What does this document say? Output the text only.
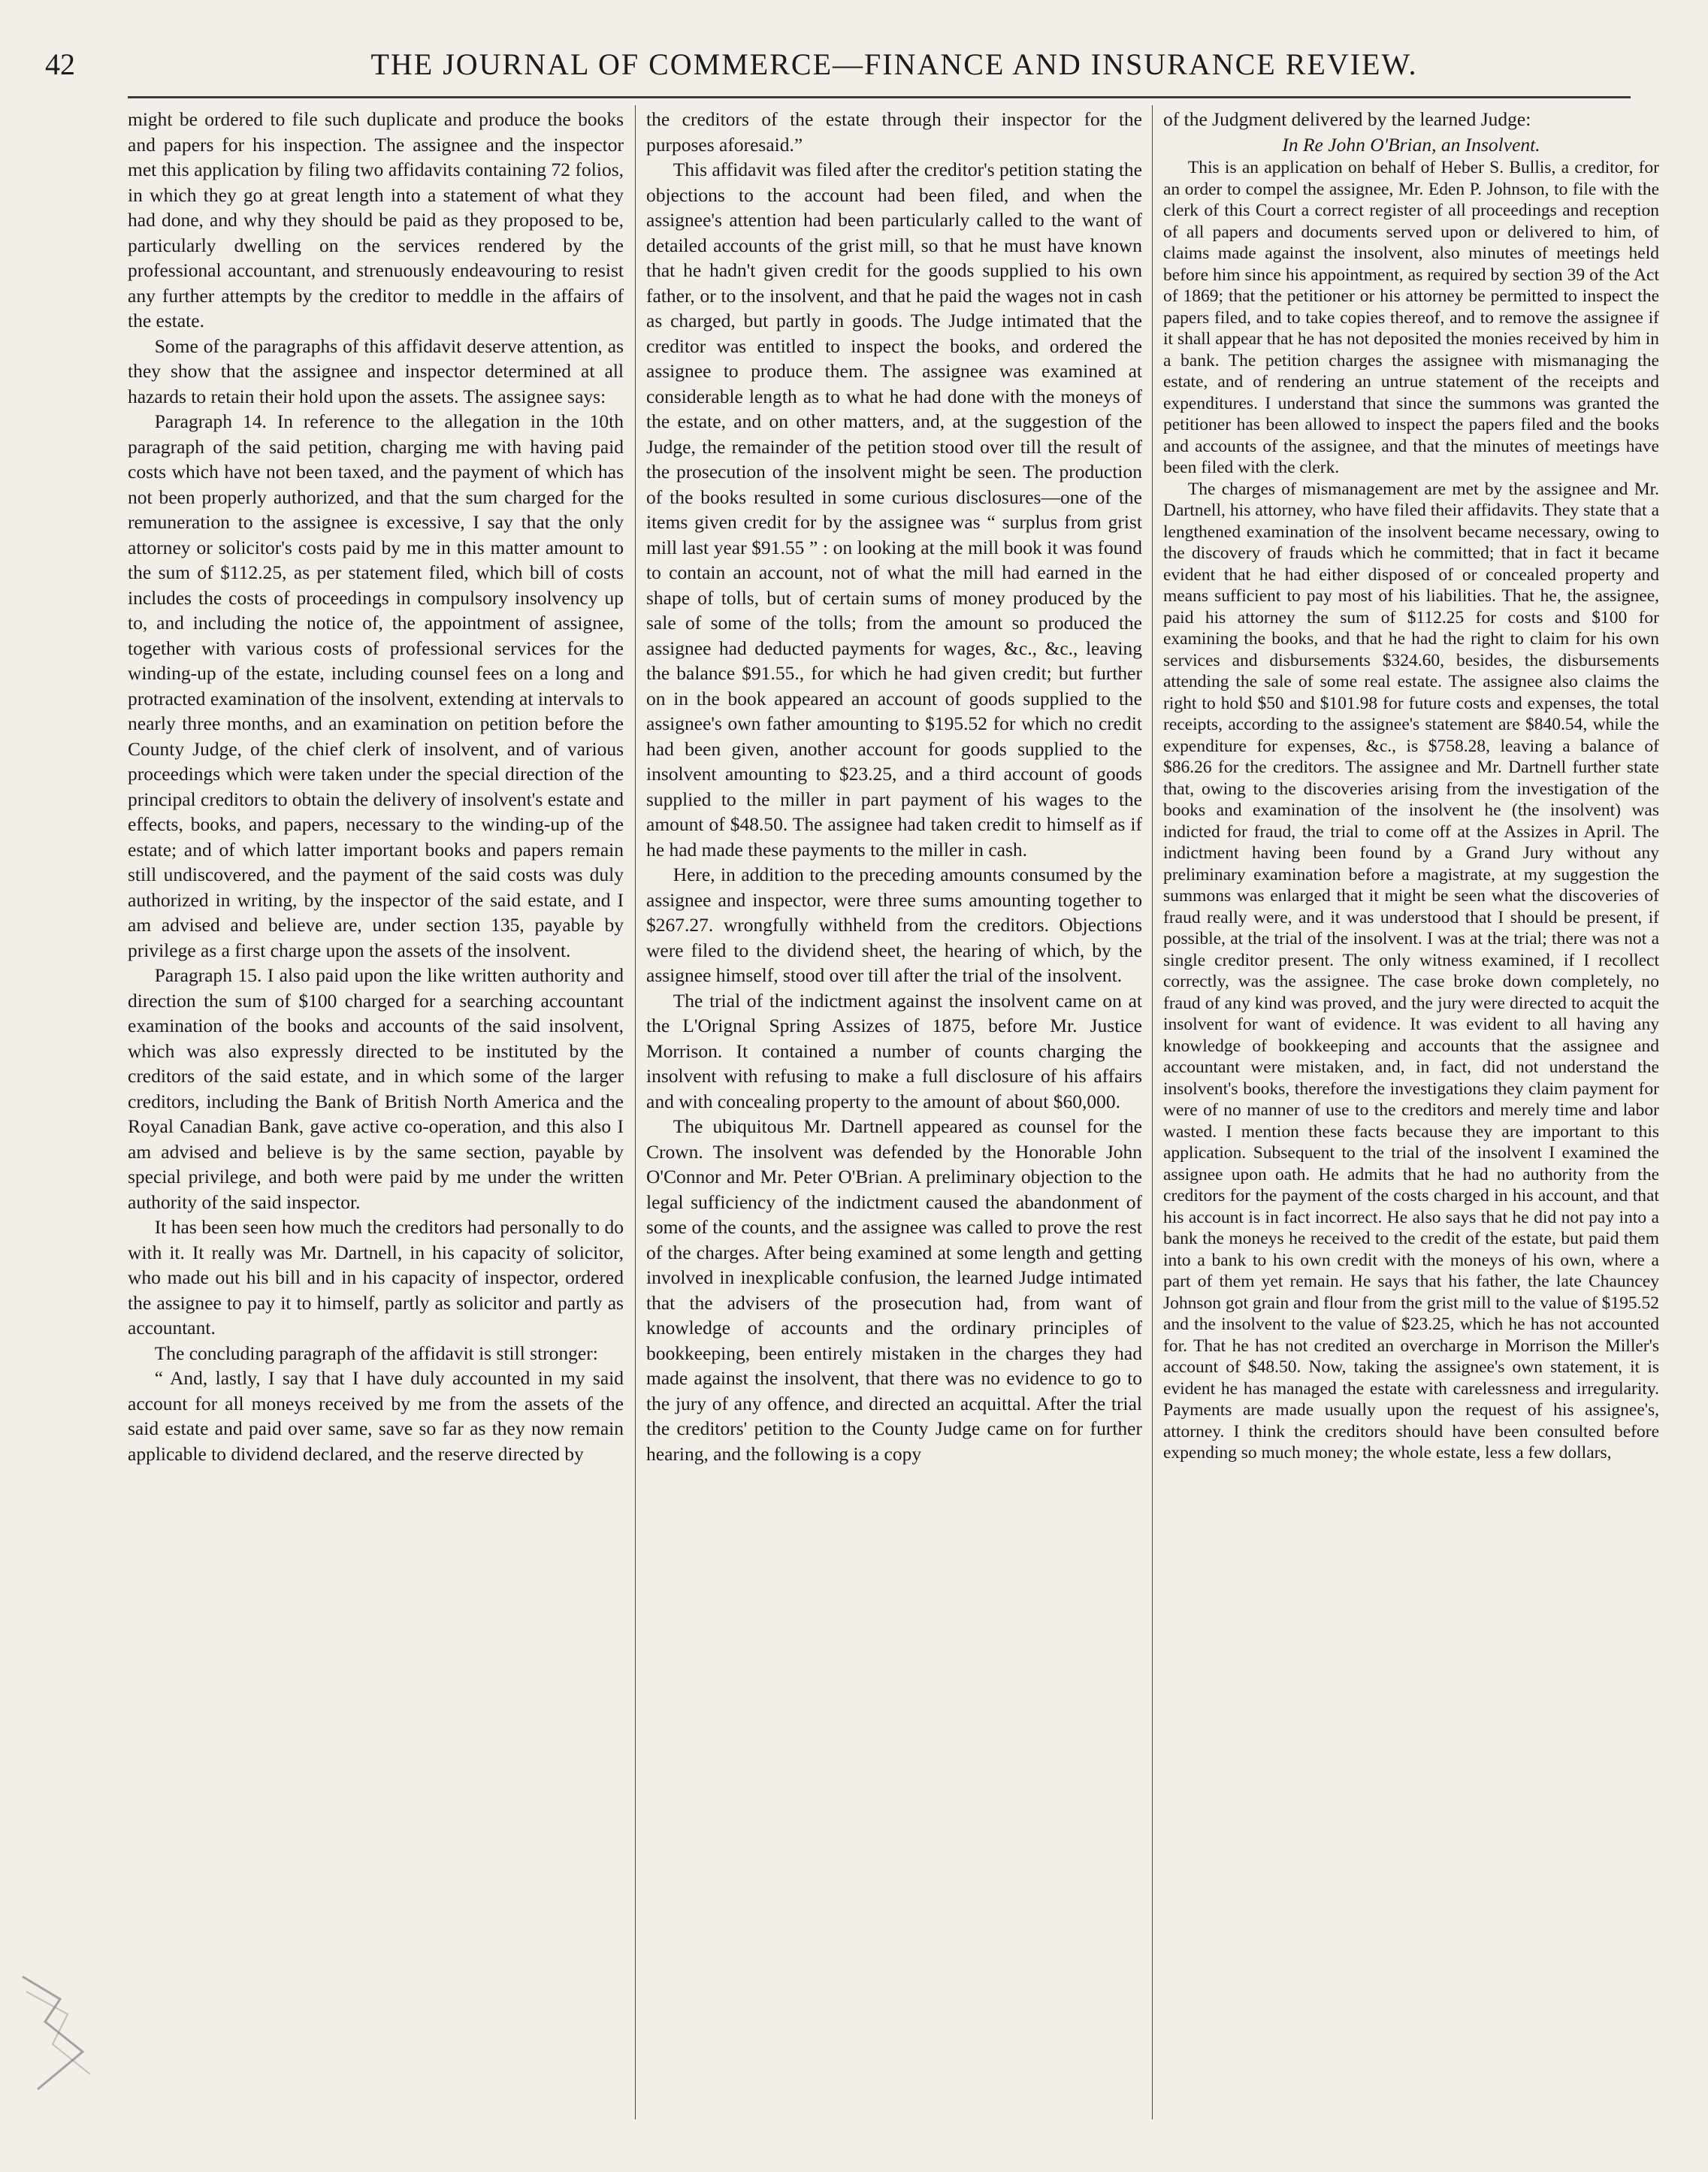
42	THE JOURNAL OF COMMERCE—FINANCE AND INSURANCE REVIEW.

might be ordered to file such duplicate and produce the books and papers for his inspection. The assignee and the inspector met this application by filing two affidavits containing 72 folios, in which they go at great length into a statement of what they had done, and why they should be paid as they proposed to be, particularly dwelling on the services rendered by the professional accountant, and strenuously endeavouring to resist any further attempts by the creditor to meddle in the affairs of the estate.

Some of the paragraphs of this affidavit deserve attention, as they show that the assignee and inspector determined at all hazards to retain their hold upon the assets. The assignee says:

Paragraph 14. In reference to the allegation in the 10th paragraph of the said petition, charging me with having paid costs which have not been taxed, and the payment of which has not been properly authorized, and that the sum charged for the remuneration to the assignee is excessive, I say that the only attorney or solicitor's costs paid by me in this matter amount to the sum of $112.25, as per statement filed, which bill of costs includes the costs of proceedings in compulsory insolvency up to, and including the notice of, the appointment of assignee, together with various costs of professional services for the winding-up of the estate, including counsel fees on a long and protracted examination of the insolvent, extending at intervals to nearly three months, and an examination on petition before the County Judge, of the chief clerk of insolvent, and of various proceedings which were taken under the special direction of the principal creditors to obtain the delivery of insolvent's estate and effects, books, and papers, necessary to the winding-up of the estate; and of which latter important books and papers remain still undiscovered, and the payment of the said costs was duly authorized in writing, by the inspector of the said estate, and I am advised and believe are, under section 135, payable by privilege as a first charge upon the assets of the insolvent.

Paragraph 15. I also paid upon the like written authority and direction the sum of $100 charged for a searching accountant examination of the books and accounts of the said insolvent, which was also expressly directed to be instituted by the creditors of the said estate, and in which some of the larger creditors, including the Bank of British North America and the Royal Canadian Bank, gave active co-operation, and this also I am advised and believe is by the same section, payable by special privilege, and both were paid by me under the written authority of the said inspector.

It has been seen how much the creditors had personally to do with it. It really was Mr. Dartnell, in his capacity of solicitor, who made out his bill and in his capacity of inspector, ordered the assignee to pay it to himself, partly as solicitor and partly as accountant.

The concluding paragraph of the affidavit is still stronger:

“ And, lastly, I say that I have duly accounted in my said account for all moneys received by me from the assets of the said estate and paid over same, save so far as they now remain applicable to dividend declared, and the reserve directed by

the creditors of the estate through their inspector for the purposes aforesaid.”

This affidavit was filed after the creditor's petition stating the objections to the account had been filed, and when the assignee's attention had been particularly called to the want of detailed accounts of the grist mill, so that he must have known that he hadn't given credit for the goods supplied to his own father, or to the insolvent, and that he paid the wages not in cash as charged, but partly in goods. The Judge intimated that the creditor was entitled to inspect the books, and ordered the assignee to produce them. The assignee was examined at considerable length as to what he had done with the moneys of the estate, and on other matters, and, at the suggestion of the Judge, the remainder of the petition stood over till the result of the prosecution of the insolvent might be seen. The production of the books resulted in some curious disclosures—one of the items given credit for by the assignee was “ surplus from grist mill last year $91.55 ” : on looking at the mill book it was found to contain an account, not of what the mill had earned in the shape of tolls, but of certain sums of money produced by the sale of some of the tolls; from the amount so produced the assignee had deducted payments for wages, &c., &c., leaving the balance $91.55., for which he had given credit; but further on in the book appeared an account of goods supplied to the assignee's own father amounting to $195.52 for which no credit had been given, another account for goods supplied to the insolvent amounting to $23.25, and a third account of goods supplied to the miller in part payment of his wages to the amount of $48.50. The assignee had taken credit to himself as if he had made these payments to the miller in cash.

Here, in addition to the preceding amounts consumed by the assignee and inspector, were three sums amounting together to $267.27. wrongfully withheld from the creditors. Objections were filed to the dividend sheet, the hearing of which, by the assignee himself, stood over till after the trial of the insolvent.

The trial of the indictment against the insolvent came on at the L'Orignal Spring Assizes of 1875, before Mr. Justice Morrison. It contained a number of counts charging the insolvent with refusing to make a full disclosure of his affairs and with concealing property to the amount of about $60,000.

The ubiquitous Mr. Dartnell appeared as counsel for the Crown. The insolvent was defended by the Honorable John O'Connor and Mr. Peter O'Brian. A preliminary objection to the legal sufficiency of the indictment caused the abandonment of some of the counts, and the assignee was called to prove the rest of the charges. After being examined at some length and getting involved in inexplicable confusion, the learned Judge intimated that the advisers of the prosecution had, from want of knowledge of accounts and the ordinary principles of bookkeeping, been entirely mistaken in the charges they had made against the insolvent, that there was no evidence to go to the jury of any offence, and directed an acquittal. After the trial the creditors' petition to the County Judge came on for further hearing, and the following is a copy

of the Judgment delivered by the learned Judge:

In Re John O'Brian, an Insolvent.

This is an application on behalf of Heber S. Bullis, a creditor, for an order to compel the assignee, Mr. Eden P. Johnson, to file with the clerk of this Court a correct register of all proceedings and reception of all papers and documents served upon or delivered to him, of claims made against the insolvent, also minutes of meetings held before him since his appointment, as required by section 39 of the Act of 1869; that the petitioner or his attorney be permitted to inspect the papers filed, and to take copies thereof, and to remove the assignee if it shall appear that he has not deposited the monies received by him in a bank. The petition charges the assignee with mismanaging the estate, and of rendering an untrue statement of the receipts and expenditures. I understand that since the summons was granted the petitioner has been allowed to inspect the papers filed and the books and accounts of the assignee, and that the minutes of meetings have been filed with the clerk.

The charges of mismanagement are met by the assignee and Mr. Dartnell, his attorney, who have filed their affidavits. They state that a lengthened examination of the insolvent became necessary, owing to the discovery of frauds which he committed; that in fact it became evident that he had either disposed of or concealed property and means sufficient to pay most of his liabilities. That he, the assignee, paid his attorney the sum of $112.25 for costs and $100 for examining the books, and that he had the right to claim for his own services and disbursements $324.60, besides, the disbursements attending the sale of some real estate. The assignee also claims the right to hold $50 and $101.98 for future costs and expenses, the total receipts, according to the assignee's statement are $840.54, while the expenditure for expenses, &c., is $758.28, leaving a balance of $86.26 for the creditors. The assignee and Mr. Dartnell further state that, owing to the discoveries arising from the investigation of the books and examination of the insolvent he (the insolvent) was indicted for fraud, the trial to come off at the Assizes in April. The indictment having been found by a Grand Jury without any preliminary examination before a magistrate, at my suggestion the summons was enlarged that it might be seen what the discoveries of fraud really were, and it was understood that I should be present, if possible, at the trial of the insolvent. I was at the trial; there was not a single creditor present. The only witness examined, if I recollect correctly, was the assignee. The case broke down completely, no fraud of any kind was proved, and the jury were directed to acquit the insolvent for want of evidence. It was evident to all having any knowledge of bookkeeping and accounts that the assignee and accountant were mistaken, and, in fact, did not understand the insolvent's books, therefore the investigations they claim payment for were of no manner of use to the creditors and merely time and labor wasted. I mention these facts because they are important to this application. Subsequent to the trial of the insolvent I examined the assignee upon oath. He admits that he had no authority from the creditors for the payment of the costs charged in his account, and that his account is in fact incorrect. He also says that he did not pay into a bank the moneys he received to the credit of the estate, but paid them into a bank to his own credit with the moneys of his own, where a part of them yet remain. He says that his father, the late Chauncey Johnson got grain and flour from the grist mill to the value of $195.52 and the insolvent to the value of $23.25, which he has not accounted for. That he has not credited an overcharge in Morrison the Miller's account of $48.50. Now, taking the assignee's own statement, it is evident he has managed the estate with carelessness and irregularity. Payments are made usually upon the request of his assignee's, attorney. I think the creditors should have been consulted before expending so much money; the whole estate, less a few dollars,
